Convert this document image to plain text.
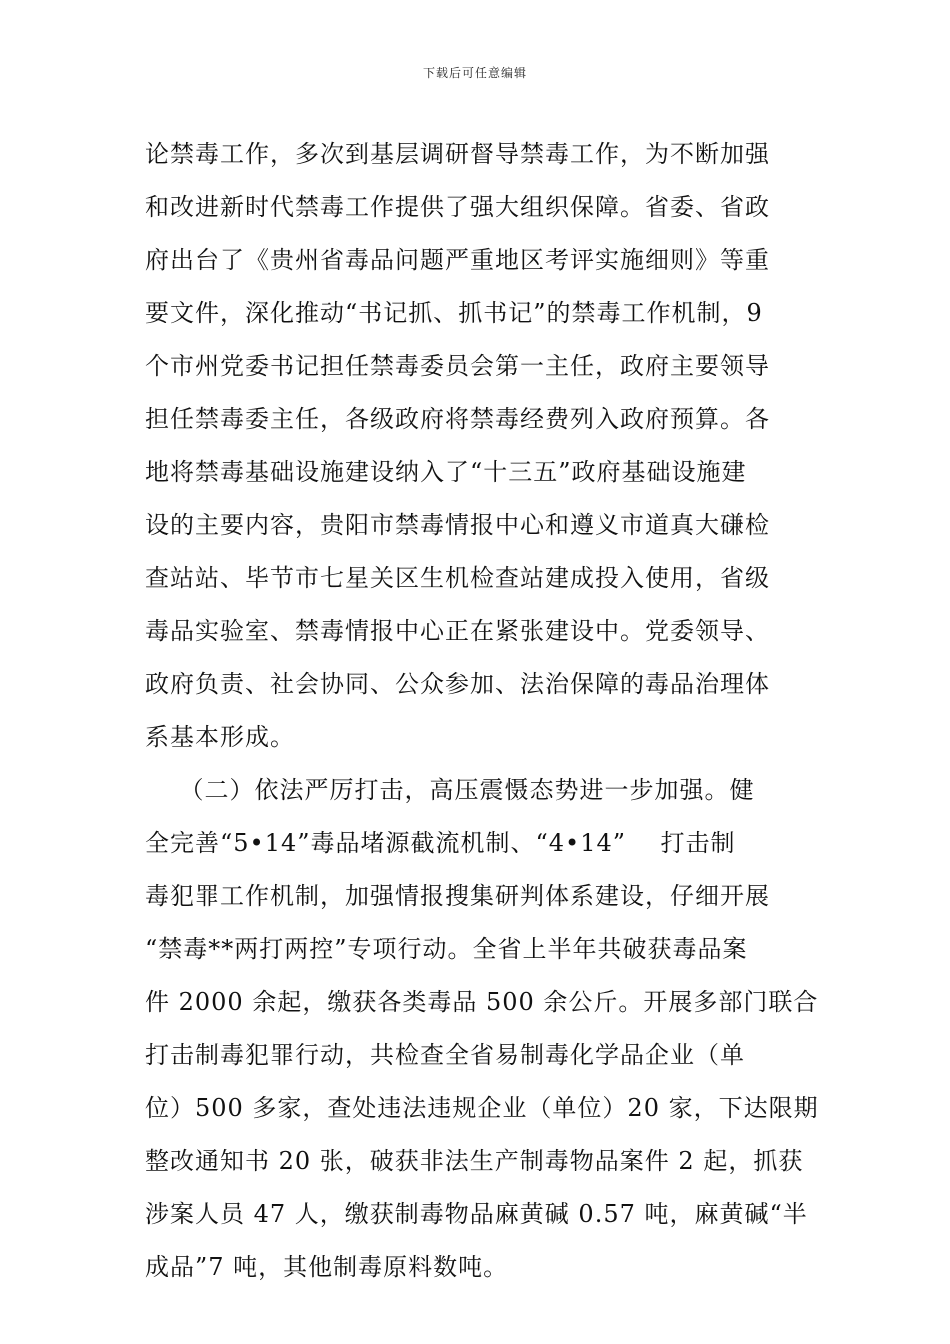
下载后可任意编辑
论禁毒工作，多次到基层调研督导禁毒工作，为不断加强
和改进新时代禁毒工作提供了强大组织保障。省委、省政
府出台了《贵州省毒品问题严重地区考评实施细则》等重
要文件，深化推动“书记抓、抓书记”的禁毒工作机制，9
个市州党委书记担任禁毒委员会第一主任，政府主要领导
担任禁毒委主任，各级政府将禁毒经费列入政府预算。各
地将禁毒基础设施建设纳入了“十三五”政府基础设施建
设的主要内容，贵阳市禁毒情报中心和遵义市道真大磏检
查站站、毕节市七星关区生机检查站建成投入使用，省级
毒品实验室、禁毒情报中心正在紧张建设中。党委领导、
政府负责、社会协同、公众参加、法治保障的毒品治理体
系基本形成。
（二）依法严厉打击，高压震慑态势进一步加强。健
全完善“5•14”毒品堵源截流机制、“4•14”    打击制
毒犯罪工作机制，加强情报搜集研判体系建设，仔细开展
“禁毒**两打两控”专项行动。全省上半年共破获毒品案
件 2000 余起，缴获各类毒品 500 余公斤。开展多部门联合
打击制毒犯罪行动，共检查全省易制毒化学品企业（单
位）500 多家，查处违法违规企业（单位）20 家，下达限期
整改通知书 20 张，破获非法生产制毒物品案件 2 起，抓获
涉案人员 47 人，缴获制毒物品麻黄碱 0.57 吨，麻黄碱“半
成品”7 吨，其他制毒原料数吨。
